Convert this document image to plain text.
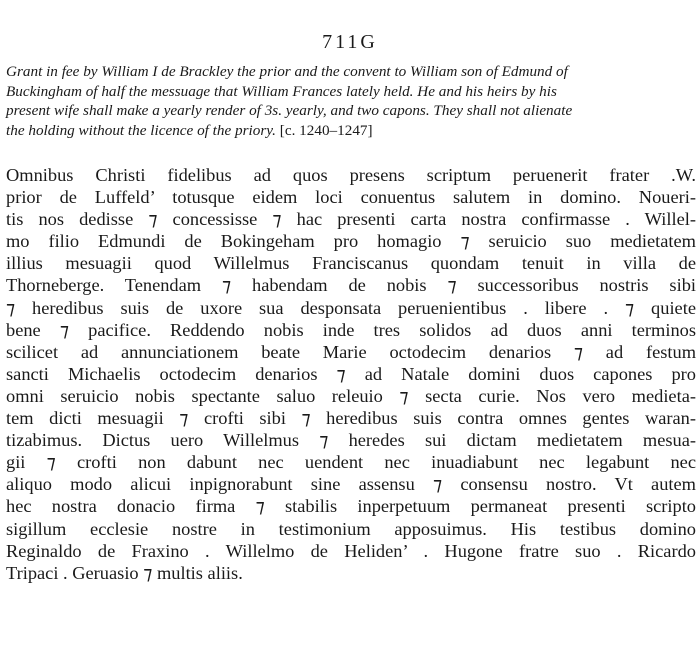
711G
Grant in fee by William I de Brackley the prior and the convent to William son of Edmund of
Buckingham of half the messuage that William Frances lately held. He and his heirs by his
present wife shall make a yearly render of 3s. yearly, and two capons. They shall not alienate
the holding without the licence of the priory. [c. 1240–1247]
Omnibus Christi fidelibus ad quos presens scriptum peruenerit frater .W.
prior de Luffeld’ totusque eidem loci conuentus salutem in domino. Noueri-
tis nos dedisse ⁊ concessisse ⁊ hac presenti carta nostra confirmasse . Willel-
mo filio Edmundi de Bokingeham pro homagio ⁊ seruicio suo medietatem
illius mesuagii quod Willelmus Franciscanus quondam tenuit in villa de
Thorneberge. Tenendam ⁊ habendam de nobis ⁊ successoribus nostris sibi
⁊ heredibus suis de uxore sua desponsata peruenientibus . libere . ⁊ quiete
bene ⁊ pacifice. Reddendo nobis inde tres solidos ad duos anni terminos
scilicet ad annunciationem beate Marie octodecim denarios ⁊ ad festum
sancti Michaelis octodecim denarios ⁊ ad Natale domini duos capones pro
omni seruicio nobis spectante saluo releuio ⁊ secta curie. Nos vero medieta-
tem dicti mesuagii ⁊ crofti sibi ⁊ heredibus suis contra omnes gentes waran-
tizabimus. Dictus uero Willelmus ⁊ heredes sui dictam medietatem mesua-
gii ⁊ crofti non dabunt nec uendent nec inuadiabunt nec legabunt nec
aliquo modo alicui inpignorabunt sine assensu ⁊ consensu nostro. Vt autem
hec nostra donacio firma ⁊ stabilis inperpetuum permaneat presenti scripto
sigillum ecclesie nostre in testimonium apposuimus. His testibus domino
Reginaldo de Fraxino . Willelmo de Heliden’ . Hugone fratre suo . Ricardo
Tripaci . Geruasio ⁊ multis aliis.
